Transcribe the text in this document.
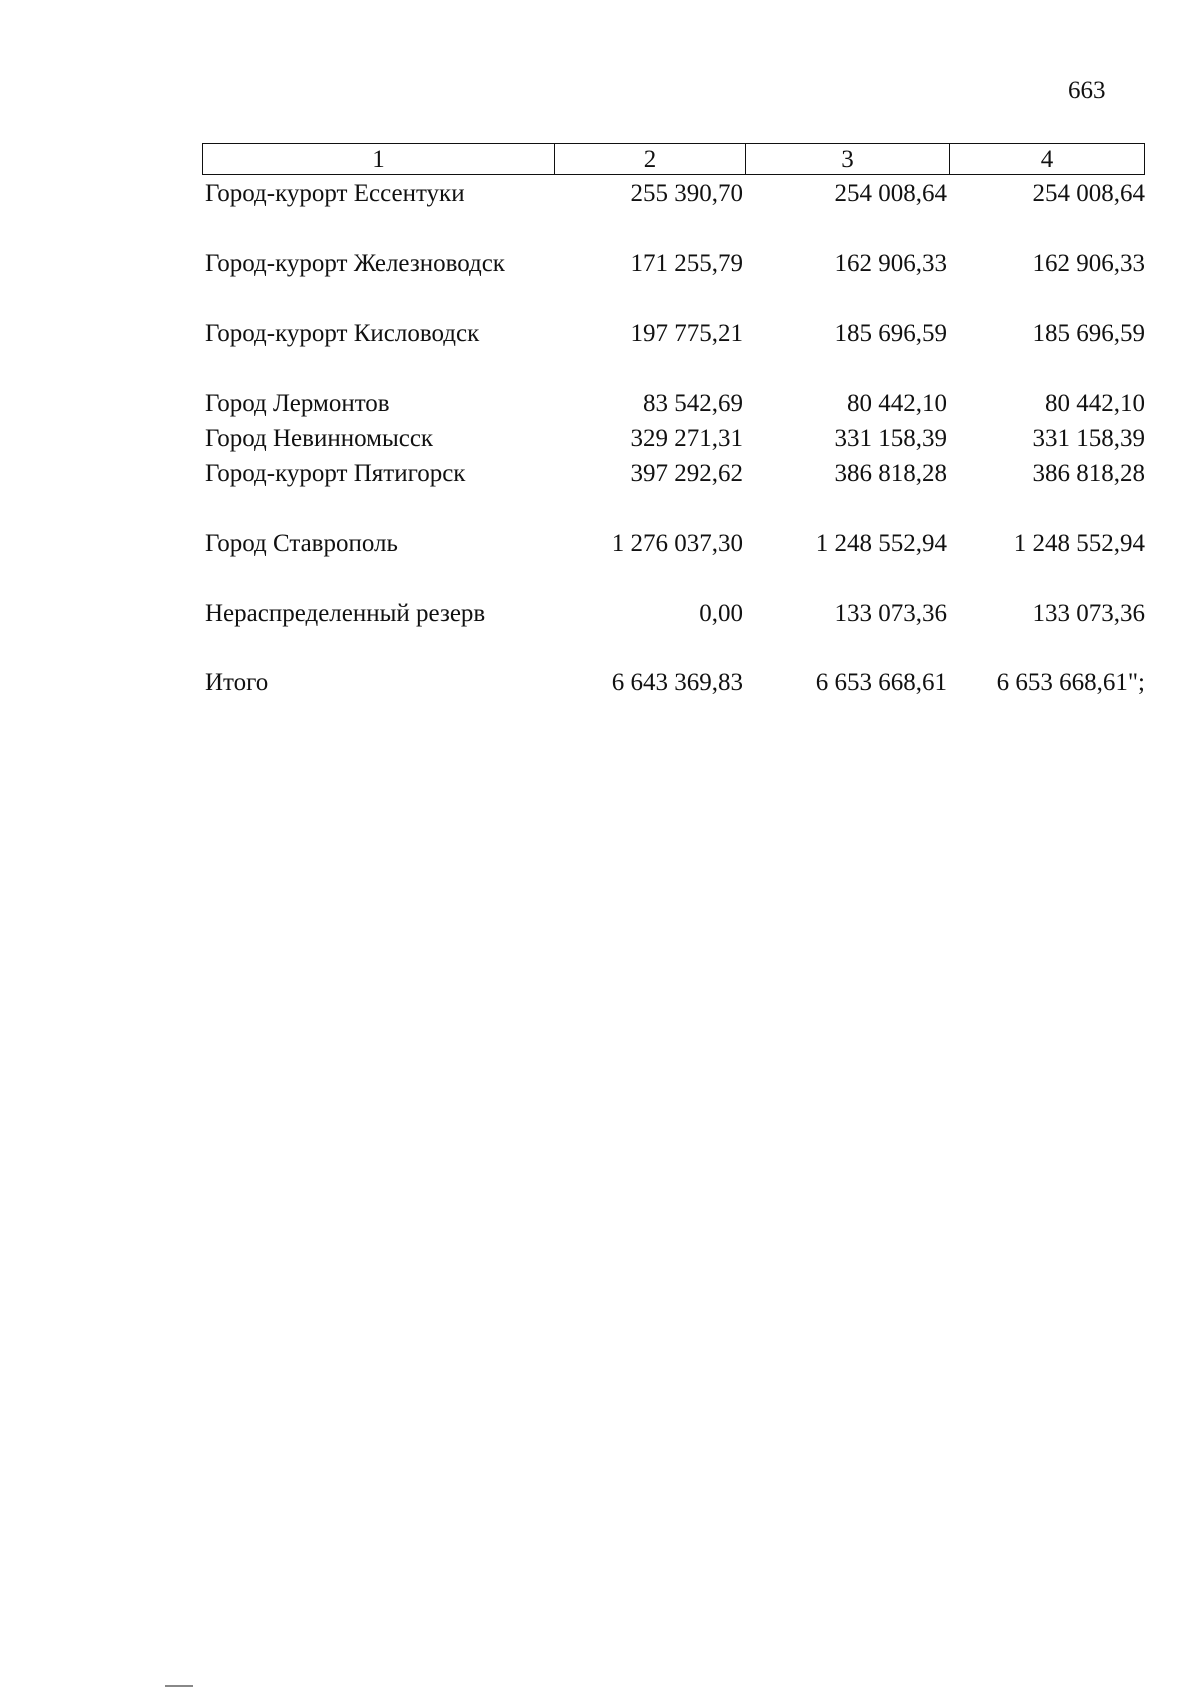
663
1	2	3	4
Город-курорт Ессентуки	255 390,70	254 008,64	254 008,64
Город-курорт Железноводск	171 255,79	162 906,33	162 906,33
Город-курорт Кисловодск	197 775,21	185 696,59	185 696,59
Город Лермонтов	83 542,69	80 442,10	80 442,10
Город Невинномысск	329 271,31	331 158,39	331 158,39
Город-курорт Пятигорск	397 292,62	386 818,28	386 818,28
Город Ставрополь	1 276 037,30	1 248 552,94	1 248 552,94
Нераспределенный резерв	0,00	133 073,36	133 073,36
Итого	6 643 369,83	6 653 668,61	6 653 668,61";
